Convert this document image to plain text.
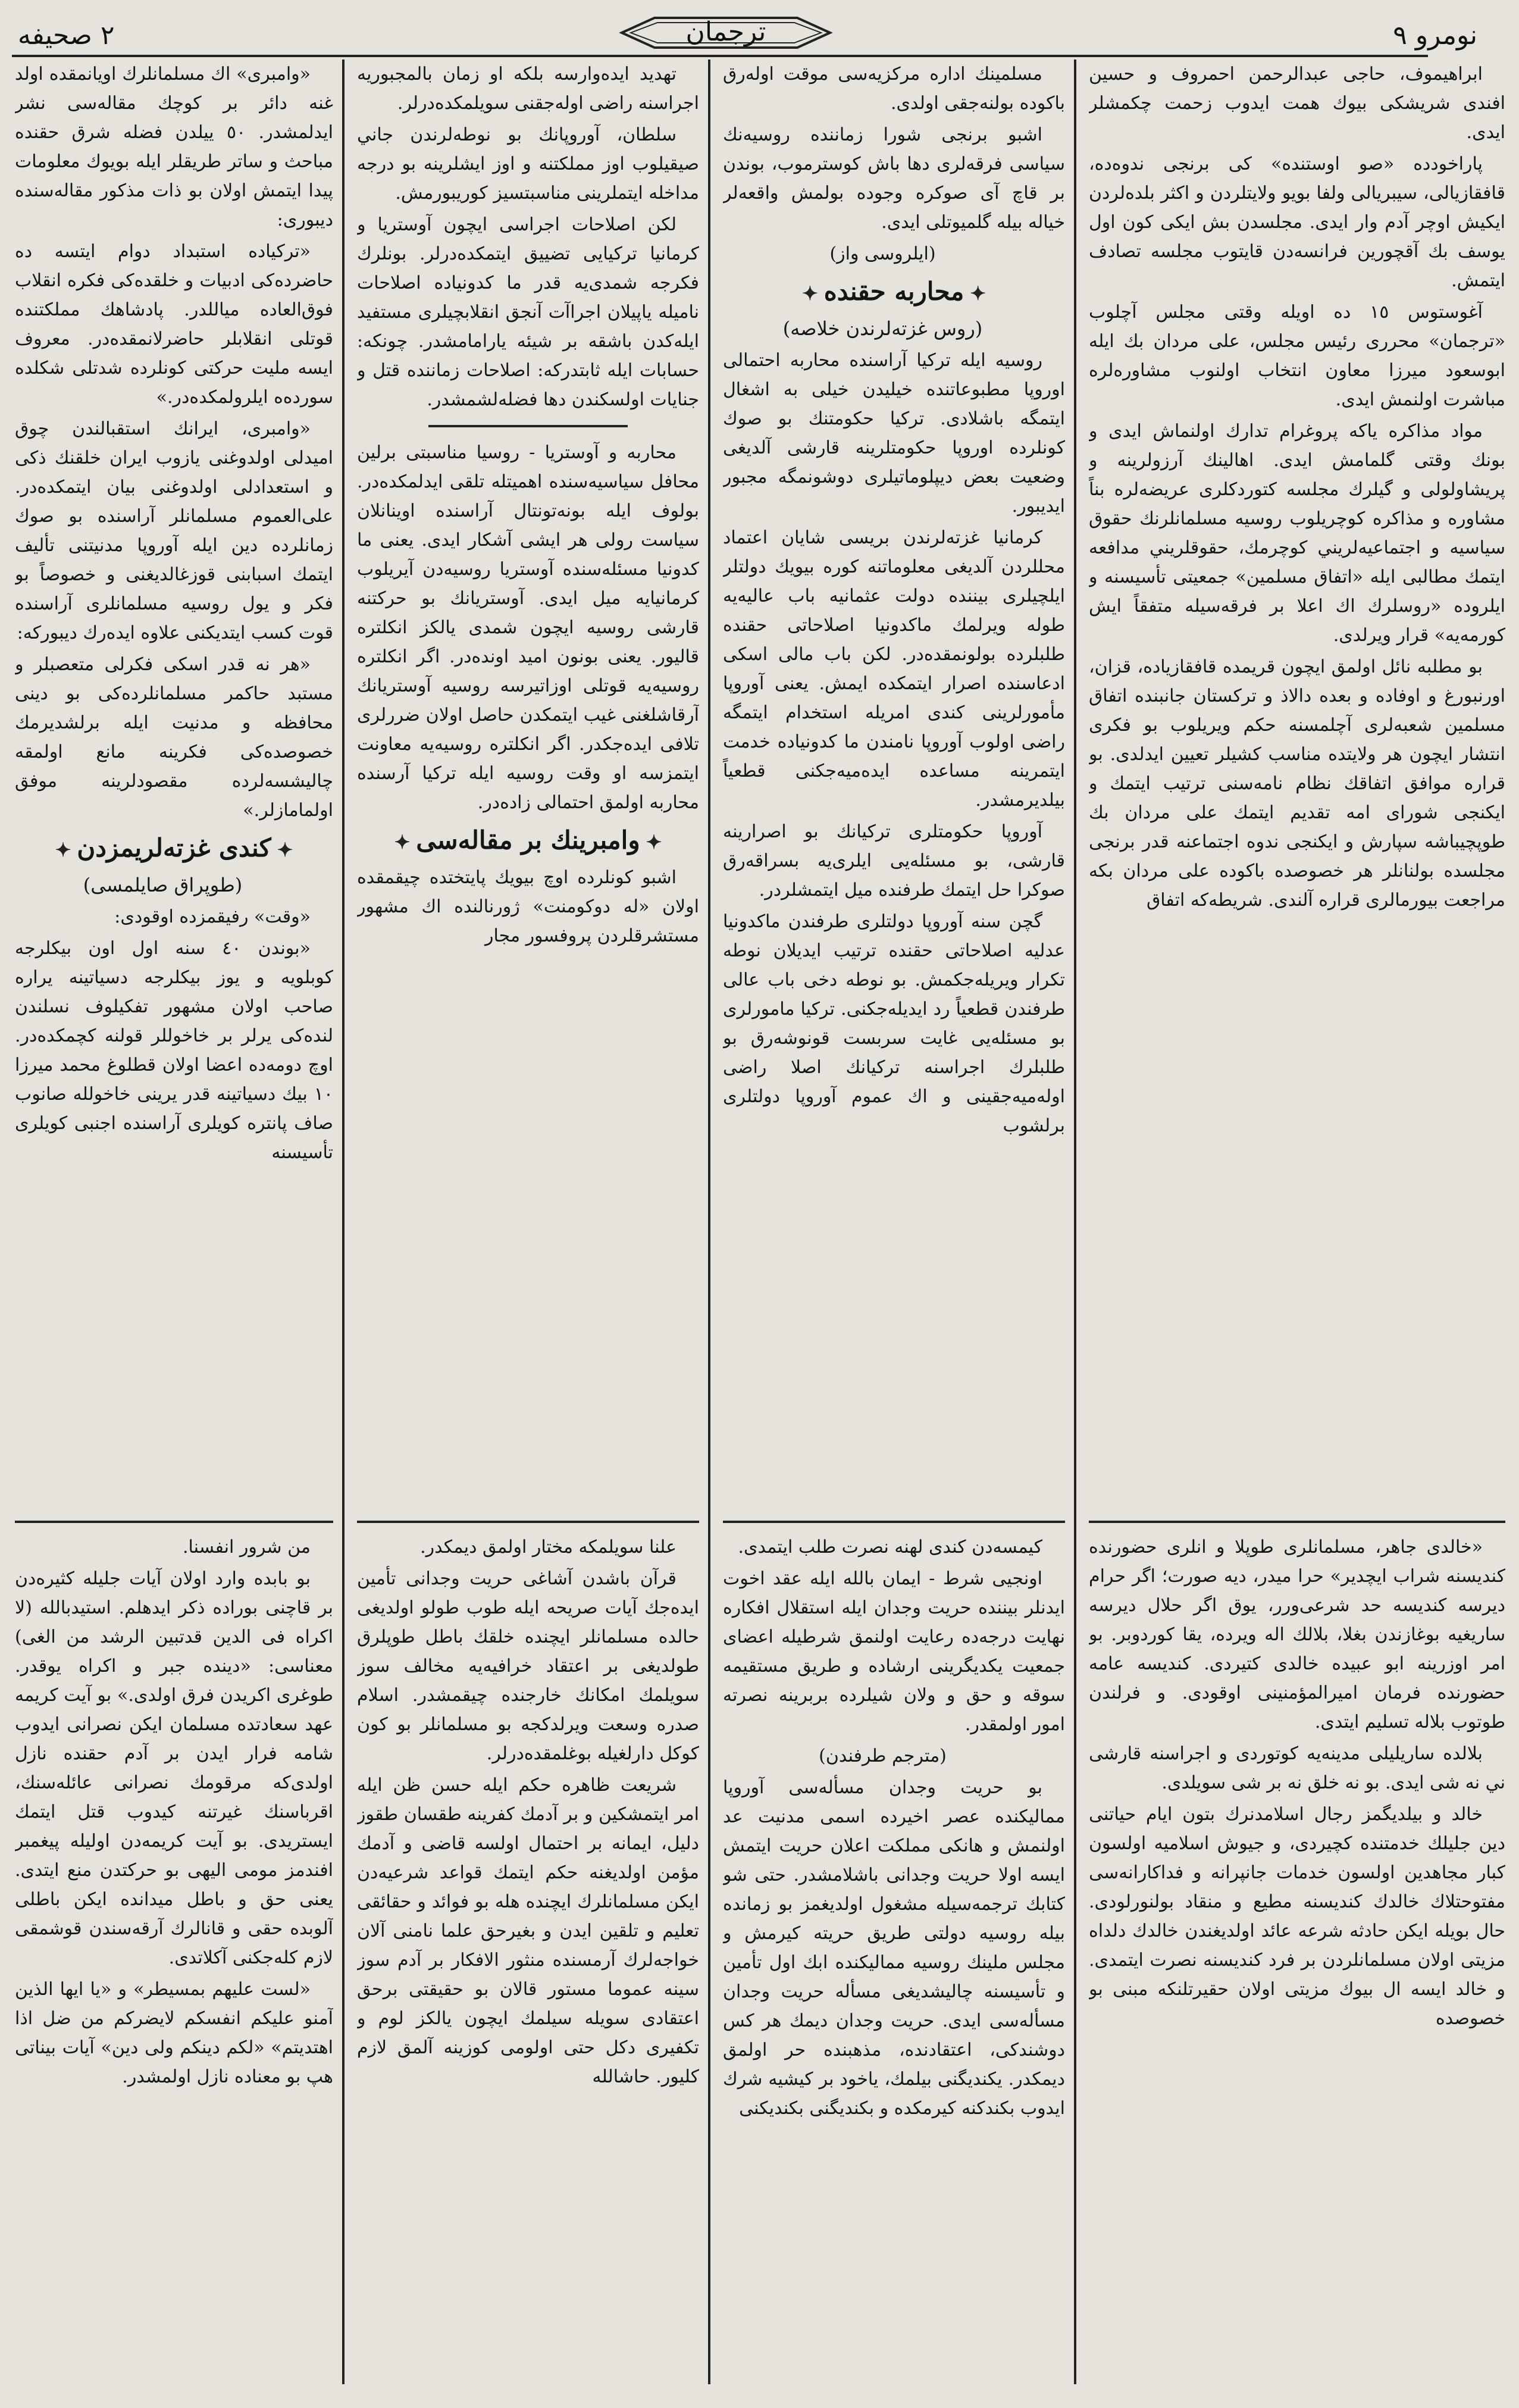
٢ صحيفه	ترجمان	نومرو ٩

ابراهيموف، حاجى عبدالرحمن احمروف و حسين افندى شريشكى بيوك همت ايدوب زحمت چكمشلر ايدى.

پاراخودده «صو اوستنده» كى برنجى ندوه‌ده، قافقازيالى، سيبريالى ولفا بويو ولايتلردن و اكثر بلده‌لردن ايكيش اوچر آدم وار ايدى. مجلسدن بش ايكى كون اول يوسف بك آقچورين فرانسه‌دن قايتوب مجلسه تصادف ايتمش.

آغوستوس ١٥ ده اويله وقتى مجلس آچلوب «ترجمان» محررى رئيس مجلس، على مردان بك ايله ابوسعود ميرزا معاون انتخاب اولنوب مشاوره‌لره مباشرت اولنمش ايدى.

مواد مذاكره ياكه پروغرام تدارك اولنماش ايدى و بونك وقتى گلمامش ايدى. اهالينك آرزولرينه و پريشاولولى و گيلرك مجلسه كتوردكلرى عريضه‌لره بناً مشاوره و مذاكره كوچريلوب روسيه مسلمانلرنك حقوق سياسيه و اجتماعيه‌لريني كوچرمك، حقوقلريني مدافعه ايتمك مطالبى ايله «اتفاق مسلمين» جمعيتى تأسيسنه و ايلروده «روسلرك اك اعلا بر فرقه‌سيله متفقاً ايش كورمه‌يه» قرار ويرلدى.

بو مطلبه نائل اولمق ايچون قريمده قافقازياده، قزان، اورنبورغ و اوفاده و بعده دالاذ و تركستان جانبنده اتفاق مسلمين شعبه‌لرى آچلمسنه حكم ويريلوب بو فكرى انتشار ايچون هر ولايتده مناسب كشيلر تعيين ايدلدى. بو قراره موافق اتفاقك نظام نامه‌سنى ترتيب ايتمك و ايكنجى شوراى امه تقديم ايتمك على مردان بك طوپچيباشه سپارش و ايكنجى ندوه اجتماعنه قدر برنجى مجلسده بولنانلر هر خصوصده باكوده على مردان بكه مراجعت بيورمالرى قراره آلندى. شريطه‌كه اتفاق

«خالدى جاهر، مسلمانلرى طوپلا و انلرى حضورنده كنديسنه شراب ايچدير» حرا ميدر، ديه صورت؛ اگر حرام ديرسه كنديسه حد شرعى‌ورر، يوق اگر حلال ديرسه ساريغيه بوغازندن بغلا، بلالك اله ويرده، يقا كوردوبر. بو امر اوزرينه ابو عبيده خالدى كتيردى. كنديسه عامه حضورنده فرمان اميرالمؤمنينى اوقودى. و فرلندن طوتوب بلاله تسليم ايتدى.

بلالده ساريليلى مدينه‌يه كوتوردى و اجراسنه قارشى ني نه شى ايدى. بو نه خلق نه بر شى سويلدى.

خالد و بيلديگمز رجال اسلامدنرك بتون ايام حياتنى دين جليلك خدمتنده كچيردى، و جيوش اسلاميه اولسون كبار مجاهدين اولسون خدمات جانپرانه و فداكارانه‌سى مفتوحتلاك خالدك كنديسنه مطيع و منقاد بولنورلودى. حال بويله ايكن حادثه شرعه عائد اولديغندن خالدك دلداه مزيتى اولان مسلمانلردن بر فرد كنديسنه نصرت ايتمدى. و خالد ايسه ال بيوك مزيتى اولان حقيرتلنكه مبنى بو خصوصده

مسلمينك اداره مركزيه‌سى موقت اوله‌رق باكوده بولنه‌جقى اولدى.

اشبو برنجى شورا زماننده روسيه‌نك سياسى فرقه‌لرى دها باش كوسترموب، بوندن بر قاچ آى صوكره وجوده بولمش واقعه‌لر خياله بيله گلميوتلى ايدى.

(ايلروسى واز)

✦محاربه حقنده✦

(روس غزته‌لرندن خلاصه)

روسيه ايله تركيا آراسنده محاربه احتمالى اوروپا مطبوعاتنده خيليدن خيلى به اشغال ايتمگه باشلادى. تركيا حكومتنك بو صوك كونلرده اوروپا حكومتلرينه قارشى آلديغى وضعيت بعض ديپلوماتيلرى دوشونمگه مجبور ايديبور.

كرمانيا غزته‌لرندن بريسى شايان اعتماد محللردن آلديغى معلوماتنه كوره بيويك دولتلر ايلچيلرى بيننده دولت عثمانيه باب عاليه‌يه طوله ويرلمك ماكدونيا اصلاحاتى حقنده طلبلرده بولونمقده‌در. لكن باب مالى اسكى ادعاسنده اصرار ايتمكده ايمش. يعنى آوروپا مأمورلرينى كندى امريله استخدام ايتمگه راضى اولوب آوروپا نامندن ما كدونياده خدمت ايتمرينه مساعده ايده‌ميه‌جكنى قطعياً بيلديرمشدر.

آوروپا حكومتلرى تركيانك بو اصرارينه قارشى، بو مسئله‌يى ايلرى‌يه بسراقه‌رق صوكرا حل ايتمك طرفنده ميل ايتمشلردر.

گچن سنه آوروپا دولتلرى طرفندن ماكدونيا عدليه اصلاحاتى حقنده ترتيب ايديلان نوطه تكرار ويريله‌جكمش. بو نوطه دخى باب عالى طرفندن قطعياً رد ايديله‌جكنى. تركيا مامورلرى بو مسئله‌يى غايت سربست قونوشه‌رق بو طلبلرك اجراسنه تركيانك اصلا راضى اوله‌ميه‌جقينى و اك عموم آوروپا دولتلرى برلشوب

كيمسه‌دن كندى لهنه نصرت طلب ايتمدى.

اونجيى شرط - ايمان بالله ايله عقد اخوت ايدنلر بيننده حريت وجدان ايله استقلال افكاره نهايت درجه‌ده رعايت اولنمق شرطيله اعضاى جمعيت يكديگرينى ارشاده و طريق مستقيمه سوقه و حق و ولان شيلرده بربرينه نصرته امور اولمقدر.

(مترجم طرفندن)

بو حريت وجدان مسأله‌سى آوروپا مماليكنده عصر اخيرده اسمى مدنيت عد اولنمش و هانكى مملكت اعلان حريت ايتمش ايسه اولا حريت وجدانى باشلامشدر. حتى شو كتابك ترجمه‌سيله مشغول اولديغمز بو زمانده بيله روسيه دولتى طريق حريته كيرمش و مجلس ملينك روسيه مماليكنده ابك اول تأمين و تأسيسنه چاليشديغى مسأله حريت وجدان مسأله‌سى ايدى. حريت وجدان ديمك هر كس دوشندكى، اعتقادنده، مذهبنده حر اولمق ديمكدر. يكنديگنى بيلمك، ياخود بر كيشيه شرك ايدوب بكندكنه كيرمكده و بكنديگنى بكنديكنى

تهديد ايده‌وارسه بلكه او زمان بالمجبوريه اجراسنه راضى اوله‌جقنى سويلمكده‌درلر.

سلطان، آوروپانك بو نوطه‌لرندن جاني صيقيلوب اوز مملكتنه و اوز ايشلرينه بو درجه مداخله ايتملرينى مناسبتسيز كوريبورمش.

لكن اصلاحات اجراسى ايچون آوستريا و كرمانيا تركيايى تضييق ايتمكده‌درلر. بونلرك فكرجه شمدى‌يه قدر ما كدونياده اصلاحات ناميله ياپيلان اجراآت آنجق انقلابچيلرى مستفيد ايله‌كدن باشقه بر شيئه يارامامشدر. چونكه: حسابات ايله ثابتدركه: اصلاحات زماننده قتل و جنايات اولسكندن دها فضله‌لشمشدر.

محاربه و آوستريا - روسيا مناسبتى برلين محافل سياسيه‌سنده اهميتله تلقى ايدلمكده‌در. بولوف ايله بونه‌تونتال آراسنده اوينانلان سياست رولى هر ايشى آشكار ايدى. يعنى ما كدونيا مسئله‌سنده آوستريا روسيه‌دن آيريلوب كرمانيايه ميل ايدى. آوستريانك بو حركتنه قارشى روسيه ايچون شمدى يالكز انكلتره قاليور. يعنى بونون اميد اونده‌در. اگر انكلتره روسيه‌يه قوتلى اوزاتيرسه روسيه آوستريانك آرقاشلغنى غيب ايتمكدن حاصل اولان ضررلرى تلافى ايده‌جكدر. اگر انكلتره روسيه‌يه معاونت ايتمزسه او وقت روسيه ايله تركيا آرسنده محاربه اولمق احتمالى زاده‌در.

✦وامبرينك بر مقاله‌سى✦

اشبو كونلرده اوچ بيويك پايتختده چيقمقده اولان «له دوكومنت» ژورنالنده اك مشهور مستشرقلردن پروفسور مجار

علنا سويلمكه مختار اولمق ديمكدر.

قرآن باشدن آشاغى حريت وجدانى تأمين ايده‌جك آيات صريحه ايله طوب طولو اولديغى حالده مسلمانلر ايچنده خلقك باطل طوپلرق طولديغى بر اعتقاد خرافيه‌يه مخالف سوز سويلمك امكانك خارجنده چيقمشدر. اسلام صدره وسعت ويرلدكجه بو مسلمانلر بو كون كوكل دارلغيله بوغلمقده‌درلر.

شريعت ظاهره حكم ايله حسن ظن ايله امر ايتمشكين و بر آدمك كفرينه طقسان طقوز دليل، ايمانه بر احتمال اولسه قاضى و آدمك مؤمن اولديغنه حكم ايتمك قواعد شرعيه‌دن ايكن مسلمانلرك ايچنده هله بو فوائد و حقائقى تعليم و تلقين ايدن و بغيرحق علما نامنى آلان خواجه‌لرك آرمسنده منثور الافكار بر آدم سوز سينه عموما مستور قالان بو حقيقتى برحق اعتقادى سويله سيلمك ايچون يالكز لوم و تكفيرى دكل حتى اولومى كوزينه آلمق لازم كليور. حاشالله

«وامبرى» اك مسلمانلرك اويانمقده اولد غنه دائر بر كوچك مقاله‌سى نشر ايدلمشدر. ٥٠ ييلدن فضله شرق حقنده مباحث و ساتر طريقلر ايله بويوك معلومات پيدا ايتمش اولان بو ذات مذكور مقاله‌سنده ديبورى:

«تركياده استبداد دوام ايتسه ده حاضرده‌كى ادبيات و خلقده‌كى فكره انقلاب فوق‌العاده مياللدر. پادشاهك مملكتنده قوتلى انقلابلر حاضرلانمقده‌در. معروف ايسه مليت حركتى كونلرده شدتلى شكلده سورده‌ه ايلرولمكده‌در.»

«وامبرى، ايرانك استقبالندن چوق اميدلى اولدوغنى يازوب ايران خلقنك ذكى و استعدادلى اولدوغنى بيان ايتمكده‌در. على‌العموم مسلمانلر آراسنده بو صوك زمانلرده دين ايله آوروپا مدنيتنى تأليف ايتمك اسبابنى قوزغالديغنى و خصوصاً بو فكر و يول روسيه مسلمانلرى آراسنده قوت كسب ايتديكنى علاوه ايده‌رك ديبوركه:

«هر نه قدر اسكى فكرلى متعصبلر و مستبد حاكمر مسلمانلرده‌كى بو دينى محافظه و مدنيت ايله برلشديرمك خصوصده‌كى فكرينه مانع اولمقه چاليشسه‌لرده مقصودلرينه موفق اولمامازلر.»

✦كندى غزته‌لريمزدن✦

(طوپراق صايلمسى)

«وقت» رفيقمزده اوقودى:

«بوندن ٤٠ سنه اول اون بيكلرجه كوبلويه و يوز بيكلرجه دسياتينه يراره صاحب اولان مشهور تفكيلوف نسلندن لنده‌كى يرلر بر خاخوللر قولنه كچمكده‌در. اوچ دومه‌ده اعضا اولان قطلوغ محمد ميرزا ١٠ بيك دسياتينه قدر يرينى خاخولله صانوب صاف پانتره كويلرى آراسنده اجنبى كويلرى تأسيسنه

من شرور انفسنا.

بو بابده وارد اولان آيات جليله كثيره‌دن بر قاچنى بوراده ذكر ايدهلم. استيدبالله (لا اكراه فى الدين قدتبين الرشد من الغى) معناسى: «دينده جبر و اكراه يوقدر. طوغرى اكريدن فرق اولدى.» بو آيت كريمه عهد سعادتده مسلمان ايكن نصرانى ايدوب شامه فرار ايدن بر آدم حقنده نازل اولدى‌كه مرقومك نصرانى عائله‌سنك، اقرباسنك غيرتنه كيدوب قتل ايتمك ايستريدى. بو آيت كريمه‌دن اوليله پيغمبر افندمز مومى اليهى بو حركتدن منع ايتدى. يعنى حق و باطل ميداندە ايكن باطلى آلوبده حقى و قانالرك آرقه‌سندن قوشمقى لازم كله‌جكنى آكلاتدى.

«لست عليهم بمسيطر» و «يا ايها الذين آمنو عليكم انفسكم لايضركم من ضل اذا اهتديتم» «لكم دينكم ولى دين» آيات بيناتى هپ بو معناده نازل اولمشدر.
